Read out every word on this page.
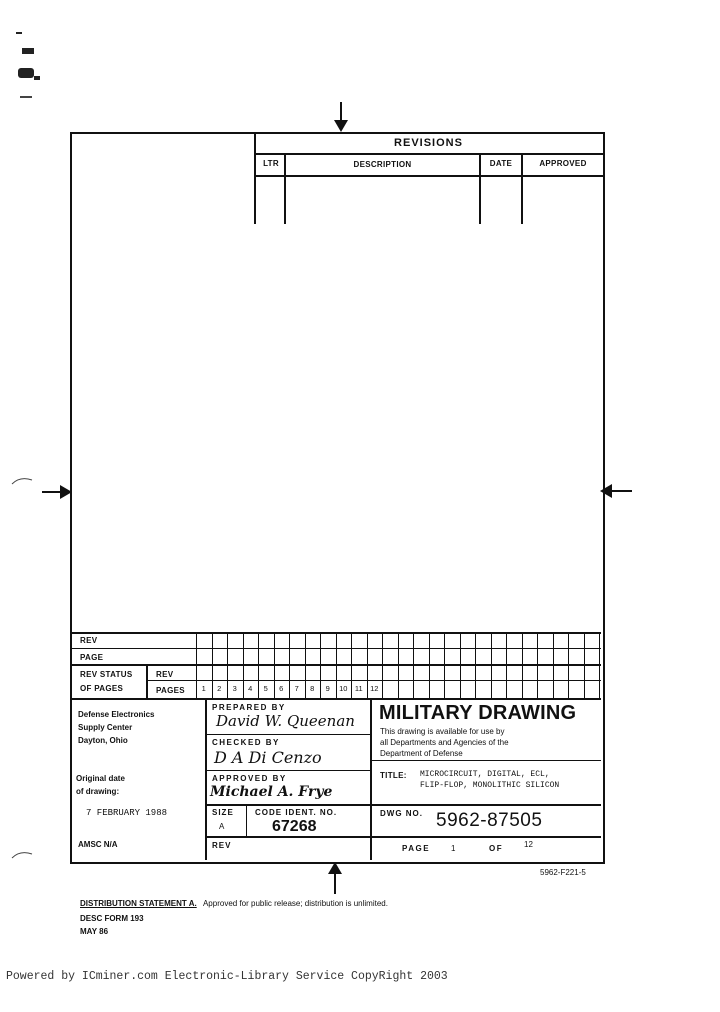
REVISIONS
LTR	DESCRIPTION	DATE	APPROVED
REV
PAGE
REV STATUS
OF PAGES
REV
PAGES	1	2	3	4	5	6	7	8	9	10 11 12
Defense Electronics
Supply Center
Dayton, Ohio
Original date
of drawing:
7 FEBRUARY 1988
AMSC N/A
PREPARED BY
David W. Queenan
CHECKED BY
D A Di Cenzo
APPROVED BY
Michael A. Frye
SIZE
A
CODE IDENT. NO.
67268
REV
MILITARY DRAWING
This drawing is available for use by
all Departments and Agencies of the
Department of Defense
TITLE: MICROCIRCUIT, DIGITAL, ECL,
FLIP-FLOP, MONOLITHIC SILICON
DWG NO. 5962-87505
PAGE	1	OF	12
5962-F221-5
DISTRIBUTION STATEMENT A. Approved for public release; distribution is unlimited.
DESC FORM 193
MAY 86
Powered by ICminer.com Electronic-Library Service CopyRight 2003
